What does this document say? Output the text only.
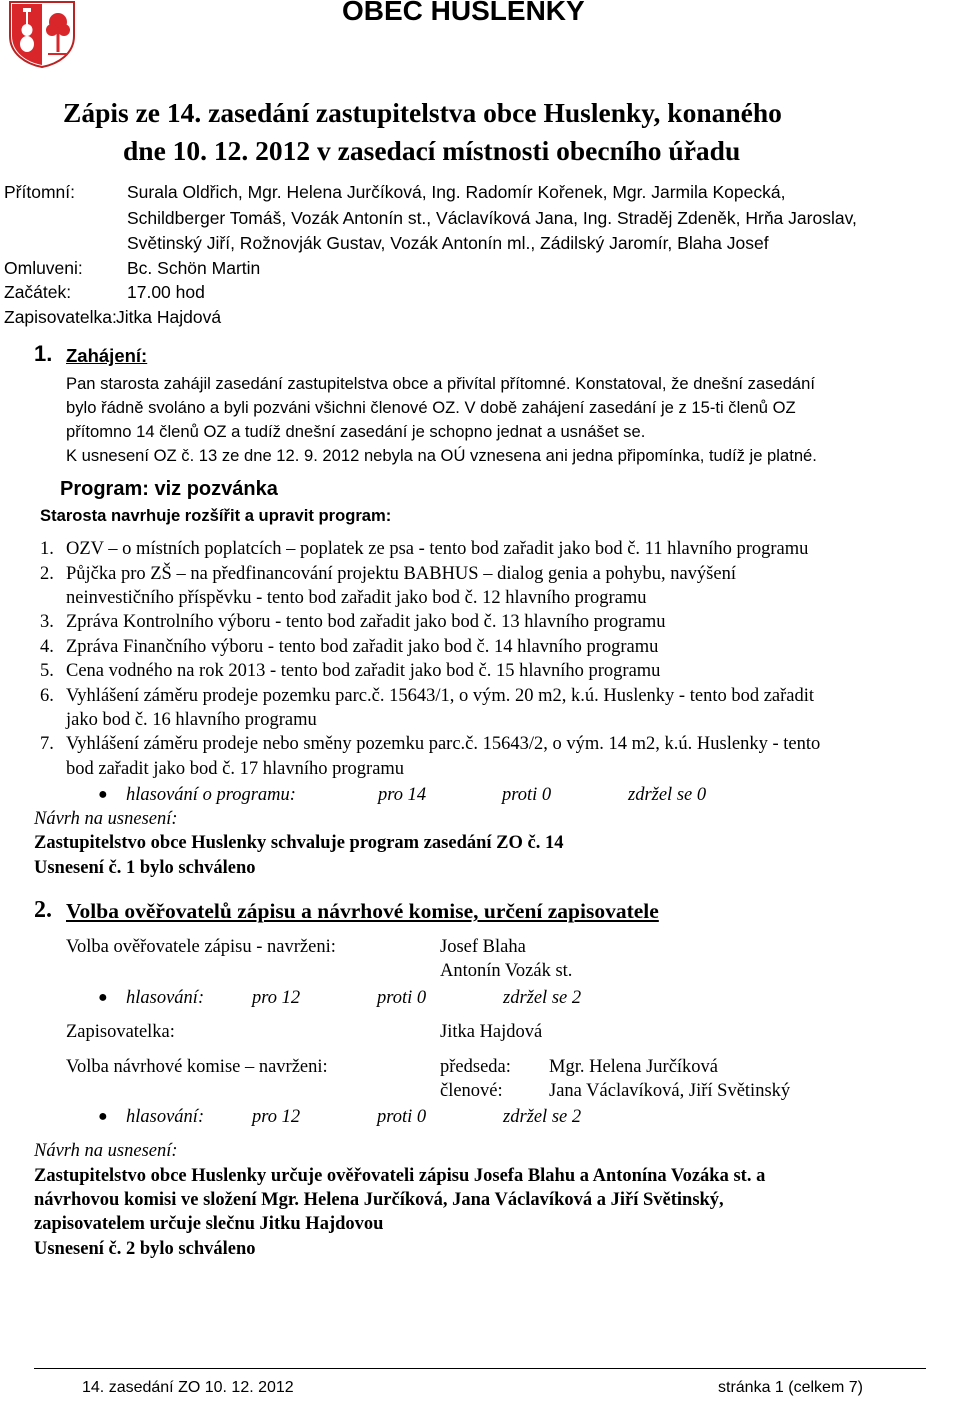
OBEC HUSLENKY
Zápis ze 14. zasedání zastupitelstva obce Huslenky, konaného
dne 10. 12. 2012 v zasedací místnosti obecního úřadu
Přítomní:	Surala Oldřich, Mgr. Helena Jurčíková, Ing. Radomír Kořenek, Mgr. Jarmila Kopecká,
Schildberger Tomáš, Vozák Antonín st., Václavíková Jana, Ing. Straděj Zdeněk, Hrňa Jaroslav,
Světinský Jiří, Rožnovják Gustav, Vozák Antonín ml., Zádilský Jaromír, Blaha Josef
Omluveni:	Bc. Schön Martin
Začátek:	17.00 hod
Zapisovatelka: Jitka Hajdová
1. Zahájení:
Pan starosta zahájil zasedání zastupitelstva obce a přivítal přítomné. Konstatoval, že dnešní zasedání
bylo řádně svoláno a byli pozváni všichni členové OZ. V době zahájení zasedání je z 15-ti členů OZ
přítomno 14 členů OZ a tudíž dnešní zasedání je schopno jednat a usnášet se.
K usnesení OZ č. 13 ze dne 12. 9. 2012 nebyla na OÚ vznesena ani jedna připomínka, tudíž je platné.
Program: viz pozvánka
Starosta navrhuje rozšířit a upravit program:
1. OZV – o místních poplatcích – poplatek ze psa - tento bod zařadit jako bod č. 11 hlavního programu
2. Půjčka pro ZŠ – na předfinancování projektu BABHUS – dialog genia a pohybu, navýšení
neinvestičního příspěvku - tento bod zařadit jako bod č. 12 hlavního programu
3. Zpráva Kontrolního výboru - tento bod zařadit jako bod č. 13 hlavního programu
4. Zpráva Finančního výboru - tento bod zařadit jako bod č. 14 hlavního programu
5. Cena vodného na rok 2013 - tento bod zařadit jako bod č. 15 hlavního programu
6. Vyhlášení záměru prodeje pozemku parc.č. 15643/1, o vým. 20 m2, k.ú. Huslenky - tento bod zařadit
jako bod č. 16 hlavního programu
7. Vyhlášení záměru prodeje nebo směny pozemku parc.č. 15643/2, o vým. 14 m2, k.ú. Huslenky - tento
bod zařadit jako bod č. 17 hlavního programu
● hlasování o programu:	pro 14	proti 0	zdržel se 0
Návrh na usnesení:
Zastupitelstvo obce Huslenky schvaluje program zasedání ZO č. 14
Usnesení č. 1 bylo schváleno
2. Volba ověřovatelů zápisu a návrhové komise, určení zapisovatele
Volba ověřovatele zápisu - navrženi:	Josef Blaha
Antonín Vozák st.
● hlasování:	pro 12	proti 0	zdržel se 2
Zapisovatelka:	Jitka Hajdová
Volba návrhové komise – navrženi:	předseda: Mgr. Helena Jurčíková
členové:	Jana Václavíková, Jiří Světinský
● hlasování:	pro 12	proti 0	zdržel se 2
Návrh na usnesení:
Zastupitelstvo obce Huslenky určuje ověřovateli zápisu Josefa Blahu a Antonína Vozáka st. a
návrhovou komisi ve složení Mgr. Helena Jurčíková, Jana Václavíková a Jiří Světinský,
zapisovatelem určuje slečnu Jitku Hajdovou
Usnesení č. 2 bylo schváleno
14. zasedání ZO 10. 12. 2012	stránka 1 (celkem 7)
